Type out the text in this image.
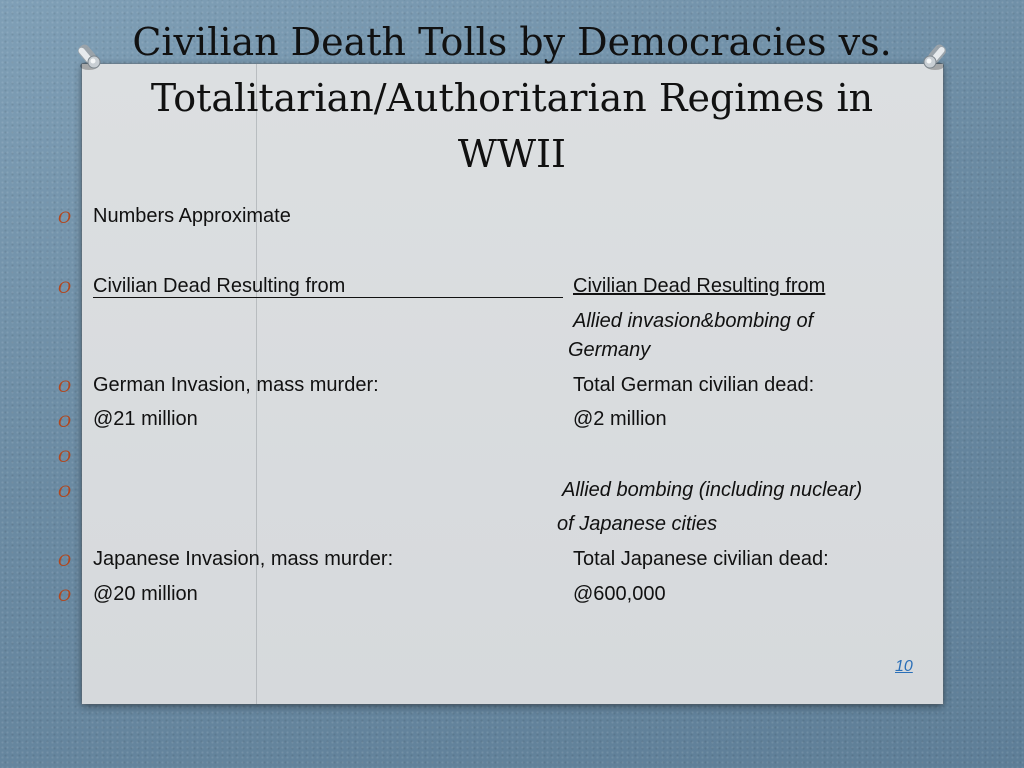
Civilian Death Tolls by Democracies vs. Totalitarian/Authoritarian Regimes in WWII
O
O
O
O
O
O
O
O
Numbers Approximate
Civilian Dead Resulting from	Civilian Dead Resulting from
Allied invasion&bombing of
Germany
German Invasion, mass murder:	Total German civilian dead:
@21 million	@2 million
Allied bombing (including nuclear)
of Japanese cities
Japanese Invasion, mass murder:	Total Japanese civilian dead:
@20 million	@600,000
10
